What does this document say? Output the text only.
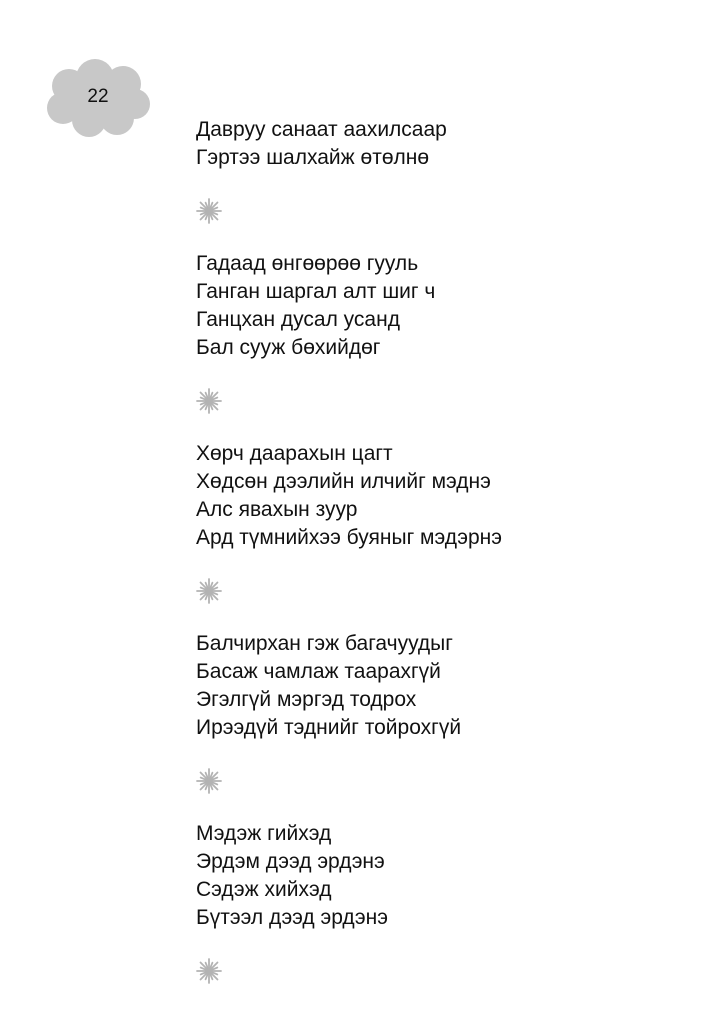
22
Давруу санаат аахилсаар
Гэртээ шалхайж өтөлнө
Гадаад өнгөөрөө гууль
Ганган шаргал алт шиг ч
Ганцхан дусал усанд
Бал сууж бөхийдөг
Хөрч даарахын цагт
Хөдсөн дээлийн илчийг мэднэ
Алс явахын зуур
Ард түмнийхээ буяныг мэдэрнэ
Балчирхан гэж багачуудыг
Басаж чамлаж таарахгүй
Эгэлгүй мэргэд тодрох
Ирээдүй тэднийг тойрохгүй
Мэдэж гийхэд
Эрдэм дээд эрдэнэ
Сэдэж хийхэд
Бүтээл дээд эрдэнэ
